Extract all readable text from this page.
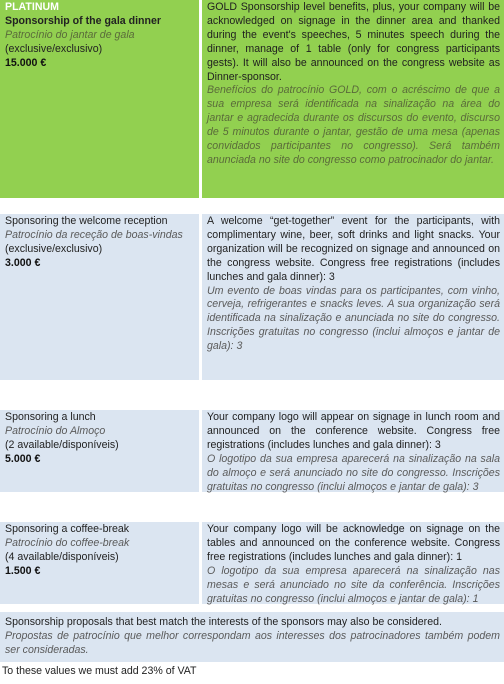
PLATINUM
Sponsorship of the gala dinner
Patrocínio do jantar de gala
(exclusive/exclusivo)
15.000 €
GOLD Sponsorship level benefits, plus, your company will be acknowledged on signage in the dinner area and thanked during the event's speeches, 5 minutes speech during the dinner, manage of 1 table (only for congress participants gests). It will also be announced on the congress website as Dinner-sponsor.
Benefícios do patrocínio GOLD, com o acréscimo de que a sua empresa será identificada na sinalização na área do jantar e agradecida durante os discursos do evento, discurso de 5 minutos durante o jantar, gestão de uma mesa (apenas convidados participantes no congresso). Será também anunciada no site do congresso como patrocinador do jantar.
Sponsoring the welcome reception
Patrocínio da receção de boas-vindas
(exclusive/exclusivo)
3.000 €
A welcome “get-together” event for the participants, with complimentary wine, beer, soft drinks and light snacks. Your organization will be recognized on signage and announced on the congress website. Congress free registrations (includes lunches and gala dinner): 3
Um evento de boas vindas para os participantes, com vinho, cerveja, refrigerantes e snacks leves. A sua organização será identificada na sinalização e anunciada no site do congresso. Inscrições gratuitas no congresso (inclui almoços e jantar de gala): 3
Sponsoring a lunch
Patrocínio do Almoço
(2 available/disponíveis)
5.000 €
Your company logo will appear on signage in lunch room and announced on the conference website. Congress free registrations (includes lunches and gala dinner): 3
O logotipo da sua empresa aparecerá na sinalização na sala do almoço e será anunciado no site do congresso. Inscrições gratuitas no congresso (inclui almoços e jantar de gala): 3
Sponsoring a coffee-break
Patrocínio do coffee-break
(4 available/disponíveis)
1.500 €
Your company logo will be acknowledge on signage on the tables and announced on the conference website. Congress free registrations (includes lunches and gala dinner): 1
O logotipo da sua empresa aparecerá na sinalização nas mesas e será anunciado no site da conferência. Inscrições gratuitas no congresso (inclui almoços e jantar de gala): 1
Sponsorship proposals that best match the interests of the sponsors may also be considered.
Propostas de patrocínio que melhor correspondam aos interesses dos patrocinadores também podem ser consideradas.
To these values we must add 23% of VAT
